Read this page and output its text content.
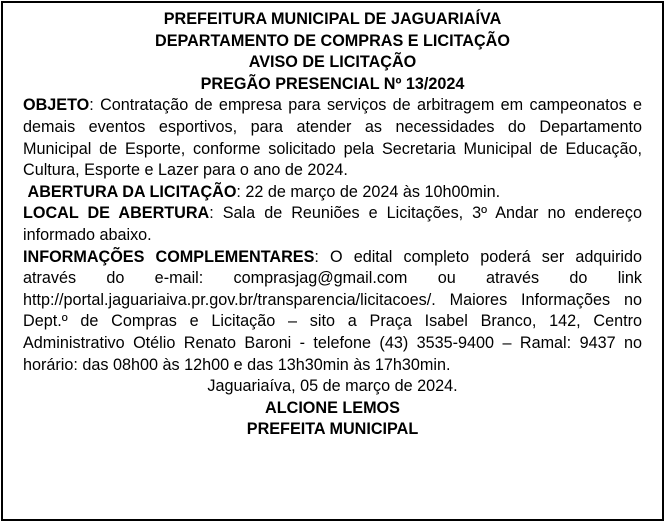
PREFEITURA MUNICIPAL DE JAGUARIAÍVA
DEPARTAMENTO DE COMPRAS E LICITAÇÃO
AVISO DE LICITAÇÃO
PREGÃO PRESENCIAL Nº 13/2024

OBJETO: Contratação de empresa para serviços de arbitragem em campeonatos e demais eventos esportivos, para atender as necessidades do Departamento Municipal de Esporte, conforme solicitado pela Secretaria Municipal de Educação, Cultura, Esporte e Lazer para o ano de 2024.

ABERTURA DA LICITAÇÃO: 22 de março de 2024 às 10h00min.

LOCAL DE ABERTURA: Sala de Reuniões e Licitações, 3º Andar no endereço informado abaixo.

INFORMAÇÕES COMPLEMENTARES: O edital completo poderá ser adquirido através do e-mail: comprasjag@gmail.com ou através do link http://portal.jaguariaiva.pr.gov.br/transparencia/licitacoes/. Maiores Informações no Dept.º de Compras e Licitação – sito a Praça Isabel Branco, 142, Centro Administrativo Otélio Renato Baroni - telefone (43) 3535-9400 – Ramal: 9437 no horário: das 08h00 às 12h00 e das 13h30min às 17h30min.

Jaguariaíva, 05 de março de 2024.
ALCIONE LEMOS
PREFEITA MUNICIPAL
